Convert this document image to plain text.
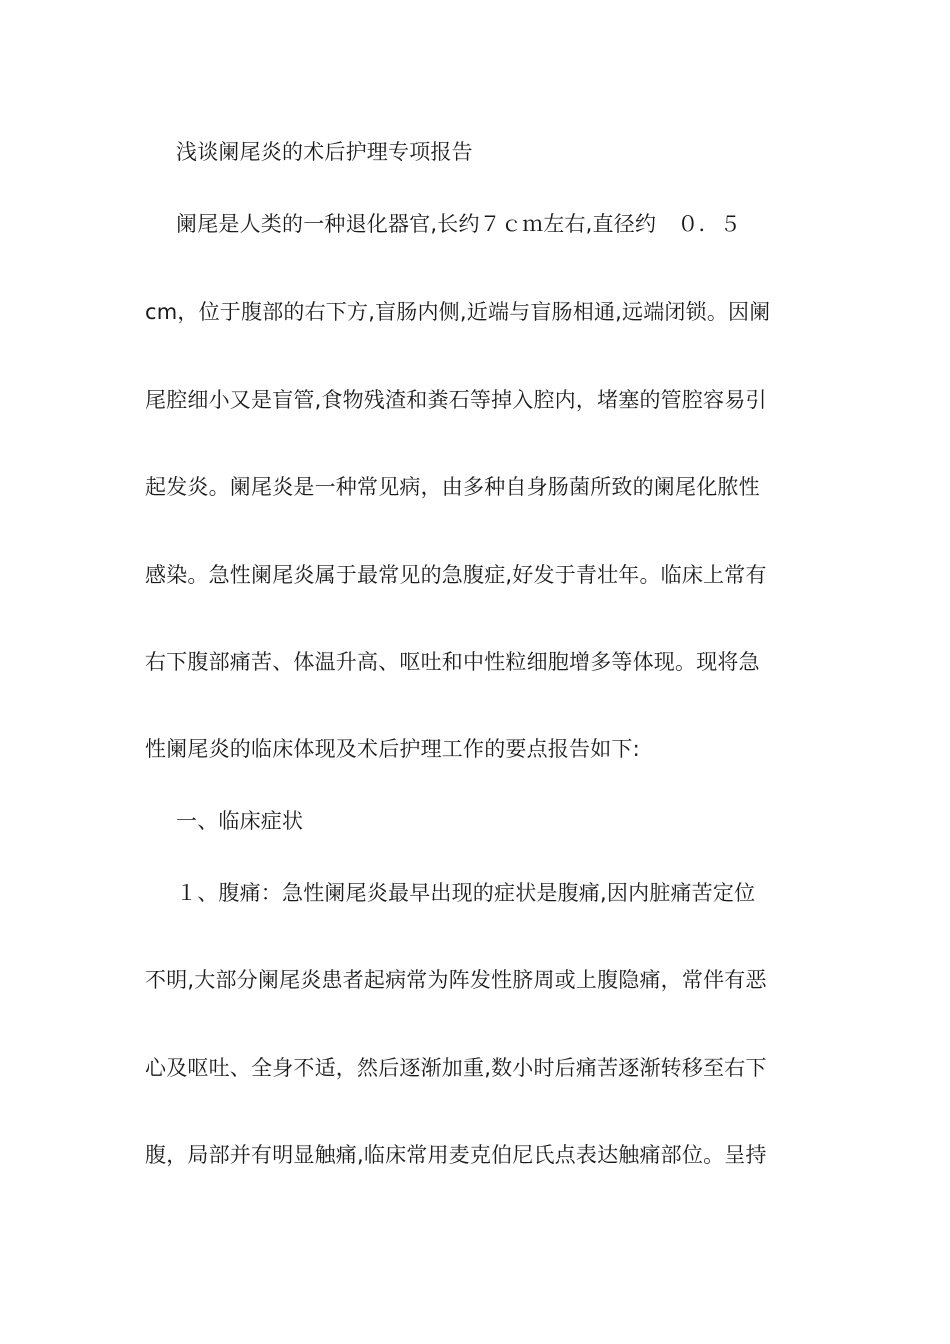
浅谈阑尾炎的术后护理专项报告
阑尾是人类的一种退化器官,长约７ｃｍ左右,直径约　０．５
cm，位于腹部的右下方,盲肠内侧,近端与盲肠相通,远端闭锁。因阑
尾腔细小又是盲管,食物残渣和粪石等掉入腔内，堵塞的管腔容易引
起发炎。阑尾炎是一种常见病，由多种自身肠菌所致的阑尾化脓性
感染。急性阑尾炎属于最常见的急腹症,好发于青壮年。临床上常有
右下腹部痛苦、体温升高、呕吐和中性粒细胞增多等体现。现将急
性阑尾炎的临床体现及术后护理工作的要点报告如下:
一、临床症状
１、腹痛：急性阑尾炎最早出现的症状是腹痛,因内脏痛苦定位
不明,大部分阑尾炎患者起病常为阵发性脐周或上腹隐痛，常伴有恶
心及呕吐、全身不适，然后逐渐加重,数小时后痛苦逐渐转移至右下
腹，局部并有明显触痛,临床常用麦克伯尼氏点表达触痛部位。呈持
